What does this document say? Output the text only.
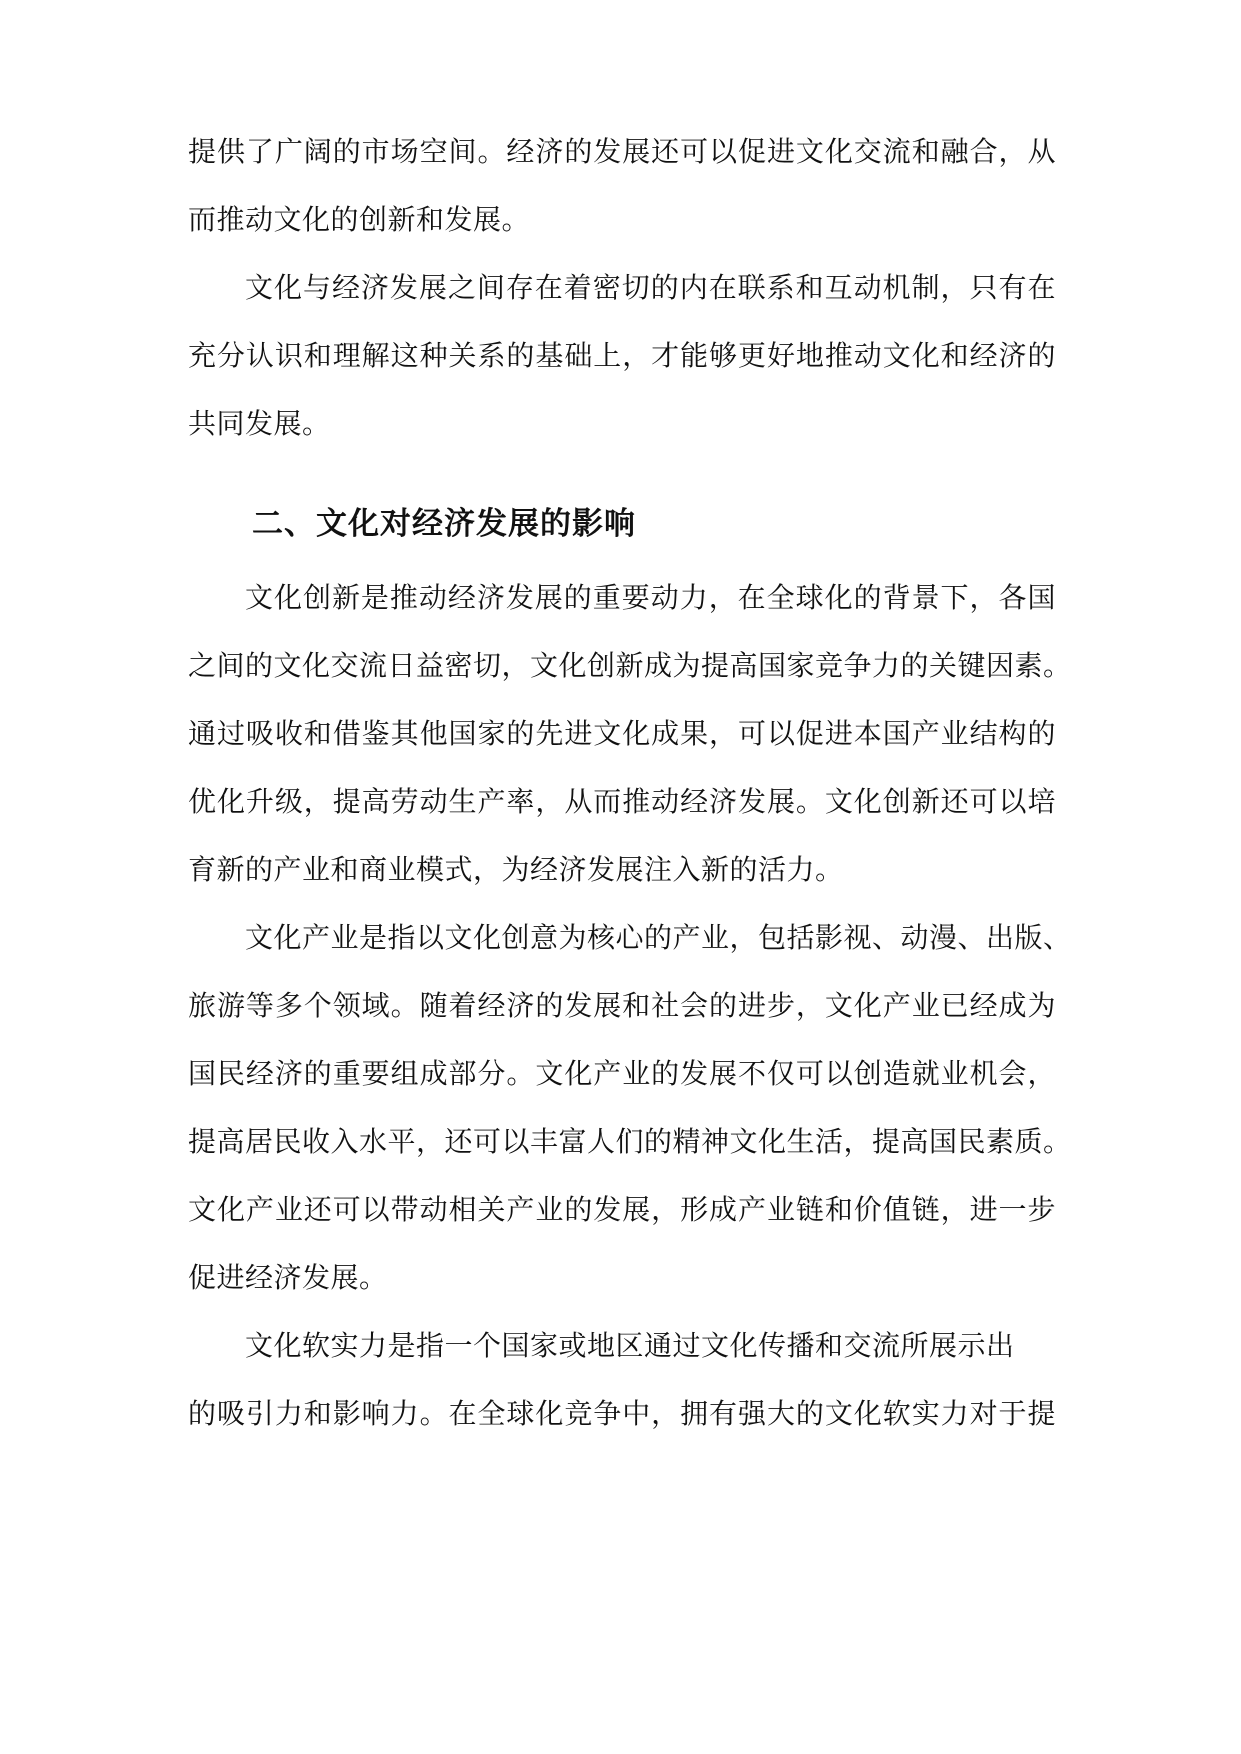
提供了广阔的市场空间。经济的发展还可以促进文化交流和融合，从
而推动文化的创新和发展。
文化与经济发展之间存在着密切的内在联系和互动机制，只有在
充分认识和理解这种关系的基础上，才能够更好地推动文化和经济的
共同发展。
二、文化对经济发展的影响
文化创新是推动经济发展的重要动力，在全球化的背景下，各国
之间的文化交流日益密切，文化创新成为提高国家竞争力的关键因素。
通过吸收和借鉴其他国家的先进文化成果，可以促进本国产业结构的
优化升级，提高劳动生产率，从而推动经济发展。文化创新还可以培
育新的产业和商业模式，为经济发展注入新的活力。
文化产业是指以文化创意为核心的产业，包括影视、动漫、出版、
旅游等多个领域。随着经济的发展和社会的进步，文化产业已经成为
国民经济的重要组成部分。文化产业的发展不仅可以创造就业机会，
提高居民收入水平，还可以丰富人们的精神文化生活，提高国民素质。
文化产业还可以带动相关产业的发展，形成产业链和价值链，进一步
促进经济发展。
文化软实力是指一个国家或地区通过文化传播和交流所展示出
的吸引力和影响力。在全球化竞争中，拥有强大的文化软实力对于提
